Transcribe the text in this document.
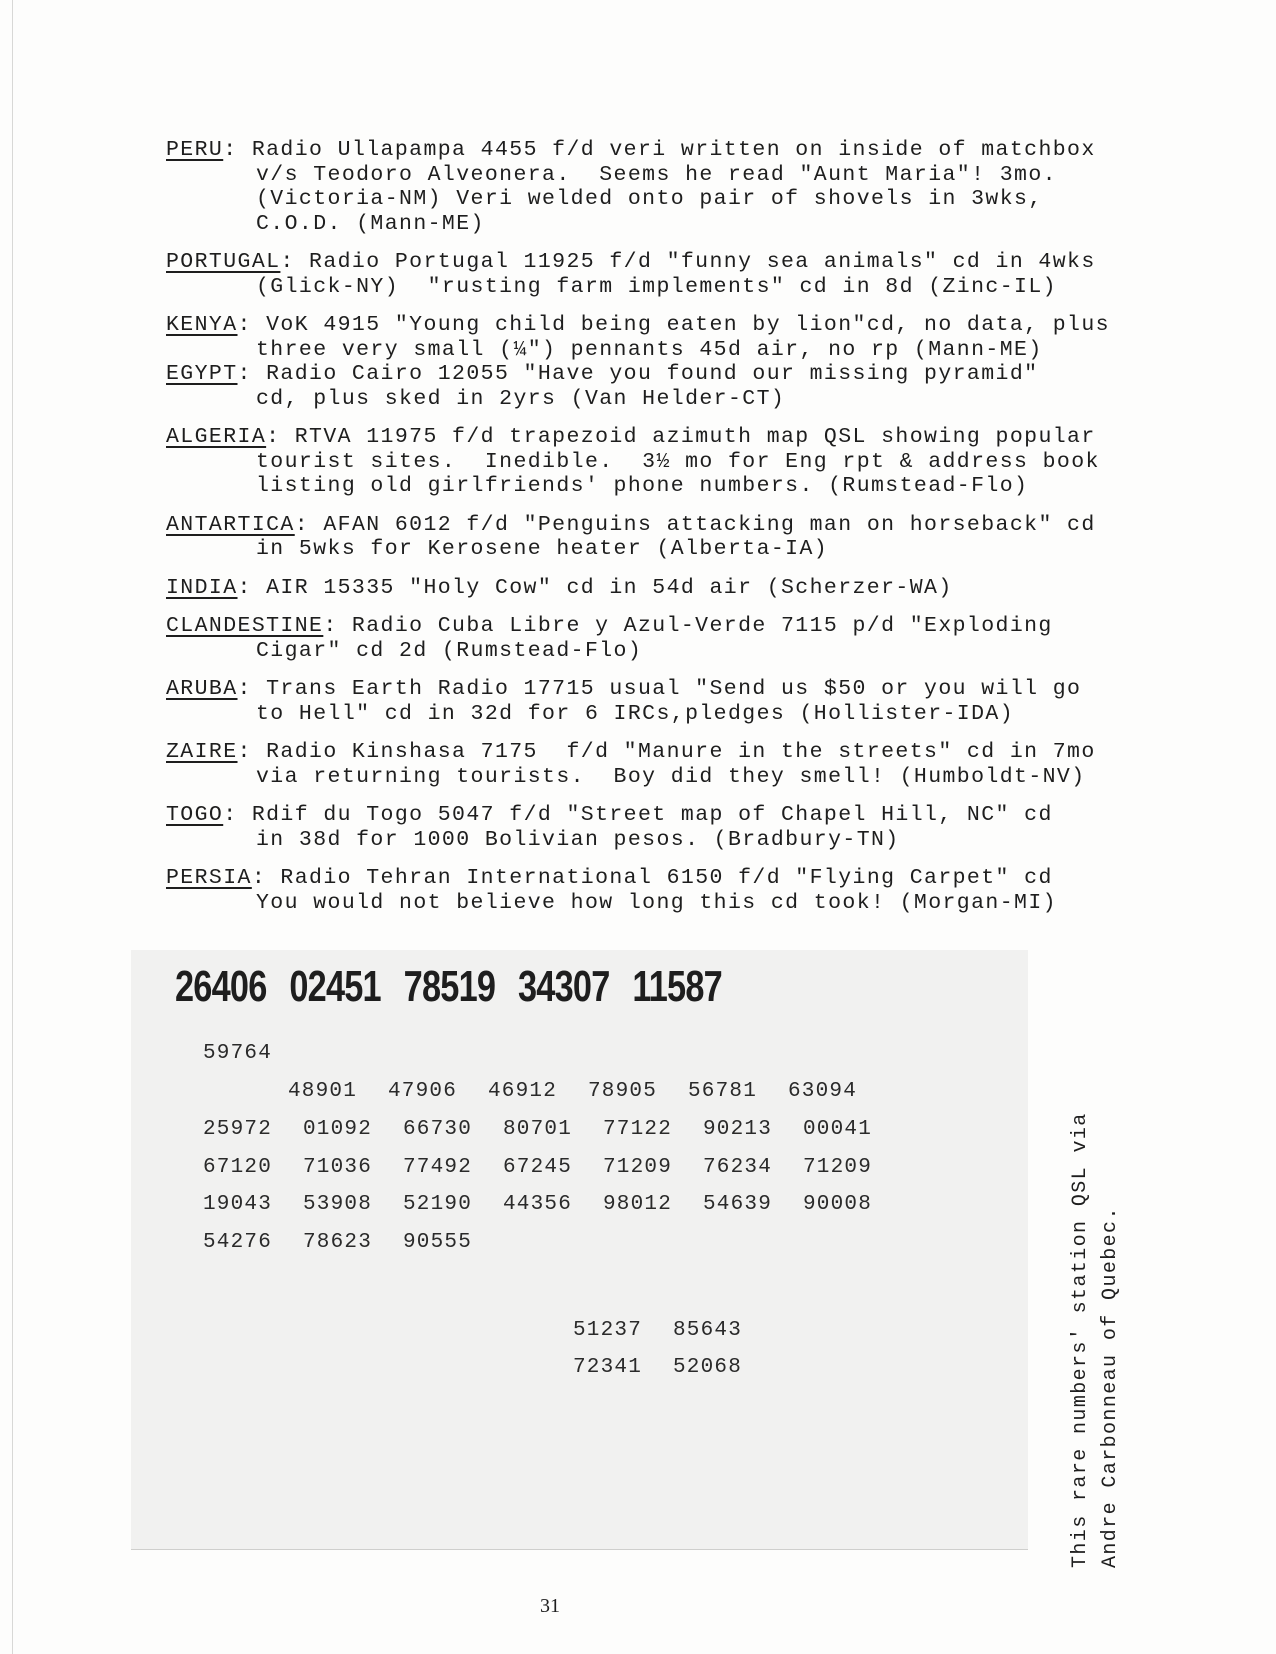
PERU: Radio Ullapampa 4455 f/d veri written on inside of matchbox
v/s Teodoro Alveonera.  Seems he read "Aunt Maria"! 3mo.
(Victoria-NM) Veri welded onto pair of shovels in 3wks,
C.O.D. (Mann-ME)
PORTUGAL: Radio Portugal 11925 f/d "funny sea animals" cd in 4wks
(Glick-NY)  "rusting farm implements" cd in 8d (Zinc-IL)
KENYA: VoK 4915 "Young child being eaten by lion"cd, no data, plus
three very small (¼") pennants 45d air, no rp (Mann-ME)
EGYPT: Radio Cairo 12055 "Have you found our missing pyramid"
cd, plus sked in 2yrs (Van Helder-CT)
ALGERIA: RTVA 11975 f/d trapezoid azimuth map QSL showing popular
tourist sites.  Inedible.  3½ mo for Eng rpt & address book
listing old girlfriends' phone numbers. (Rumstead-Flo)
ANTARTICA: AFAN 6012 f/d "Penguins attacking man on horseback" cd
in 5wks for Kerosene heater (Alberta-IA)
INDIA: AIR 15335 "Holy Cow" cd in 54d air (Scherzer-WA)
CLANDESTINE: Radio Cuba Libre y Azul-Verde 7115 p/d "Exploding
Cigar" cd 2d (Rumstead-Flo)
ARUBA: Trans Earth Radio 17715 usual "Send us $50 or you will go
to Hell" cd in 32d for 6 IRCs,pledges (Hollister-IDA)
ZAIRE: Radio Kinshasa 7175  f/d "Manure in the streets" cd in 7mo
via returning tourists.  Boy did they smell! (Humboldt-NV)
TOGO: Rdif du Togo 5047 f/d "Street map of Chapel Hill, NC" cd
in 38d for 1000 Bolivian pesos. (Bradbury-TN)
PERSIA: Radio Tehran International 6150 f/d "Flying Carpet" cd
You would not believe how long this cd took! (Morgan-MI)
26406 02451 78519 34307 11587
59764
48901 47906 46912 78905 56781 63094
25972 01092 66730 80701 77122 90213 00041
67120 71036 77492 67245 71209 76234 71209
19043 53908 52190 44356 98012 54639 90008
54276 78623 90555
51237 85643
72341 52068
This rare numbers' station QSL via
Andre Carbonneau of Quebec.
31
